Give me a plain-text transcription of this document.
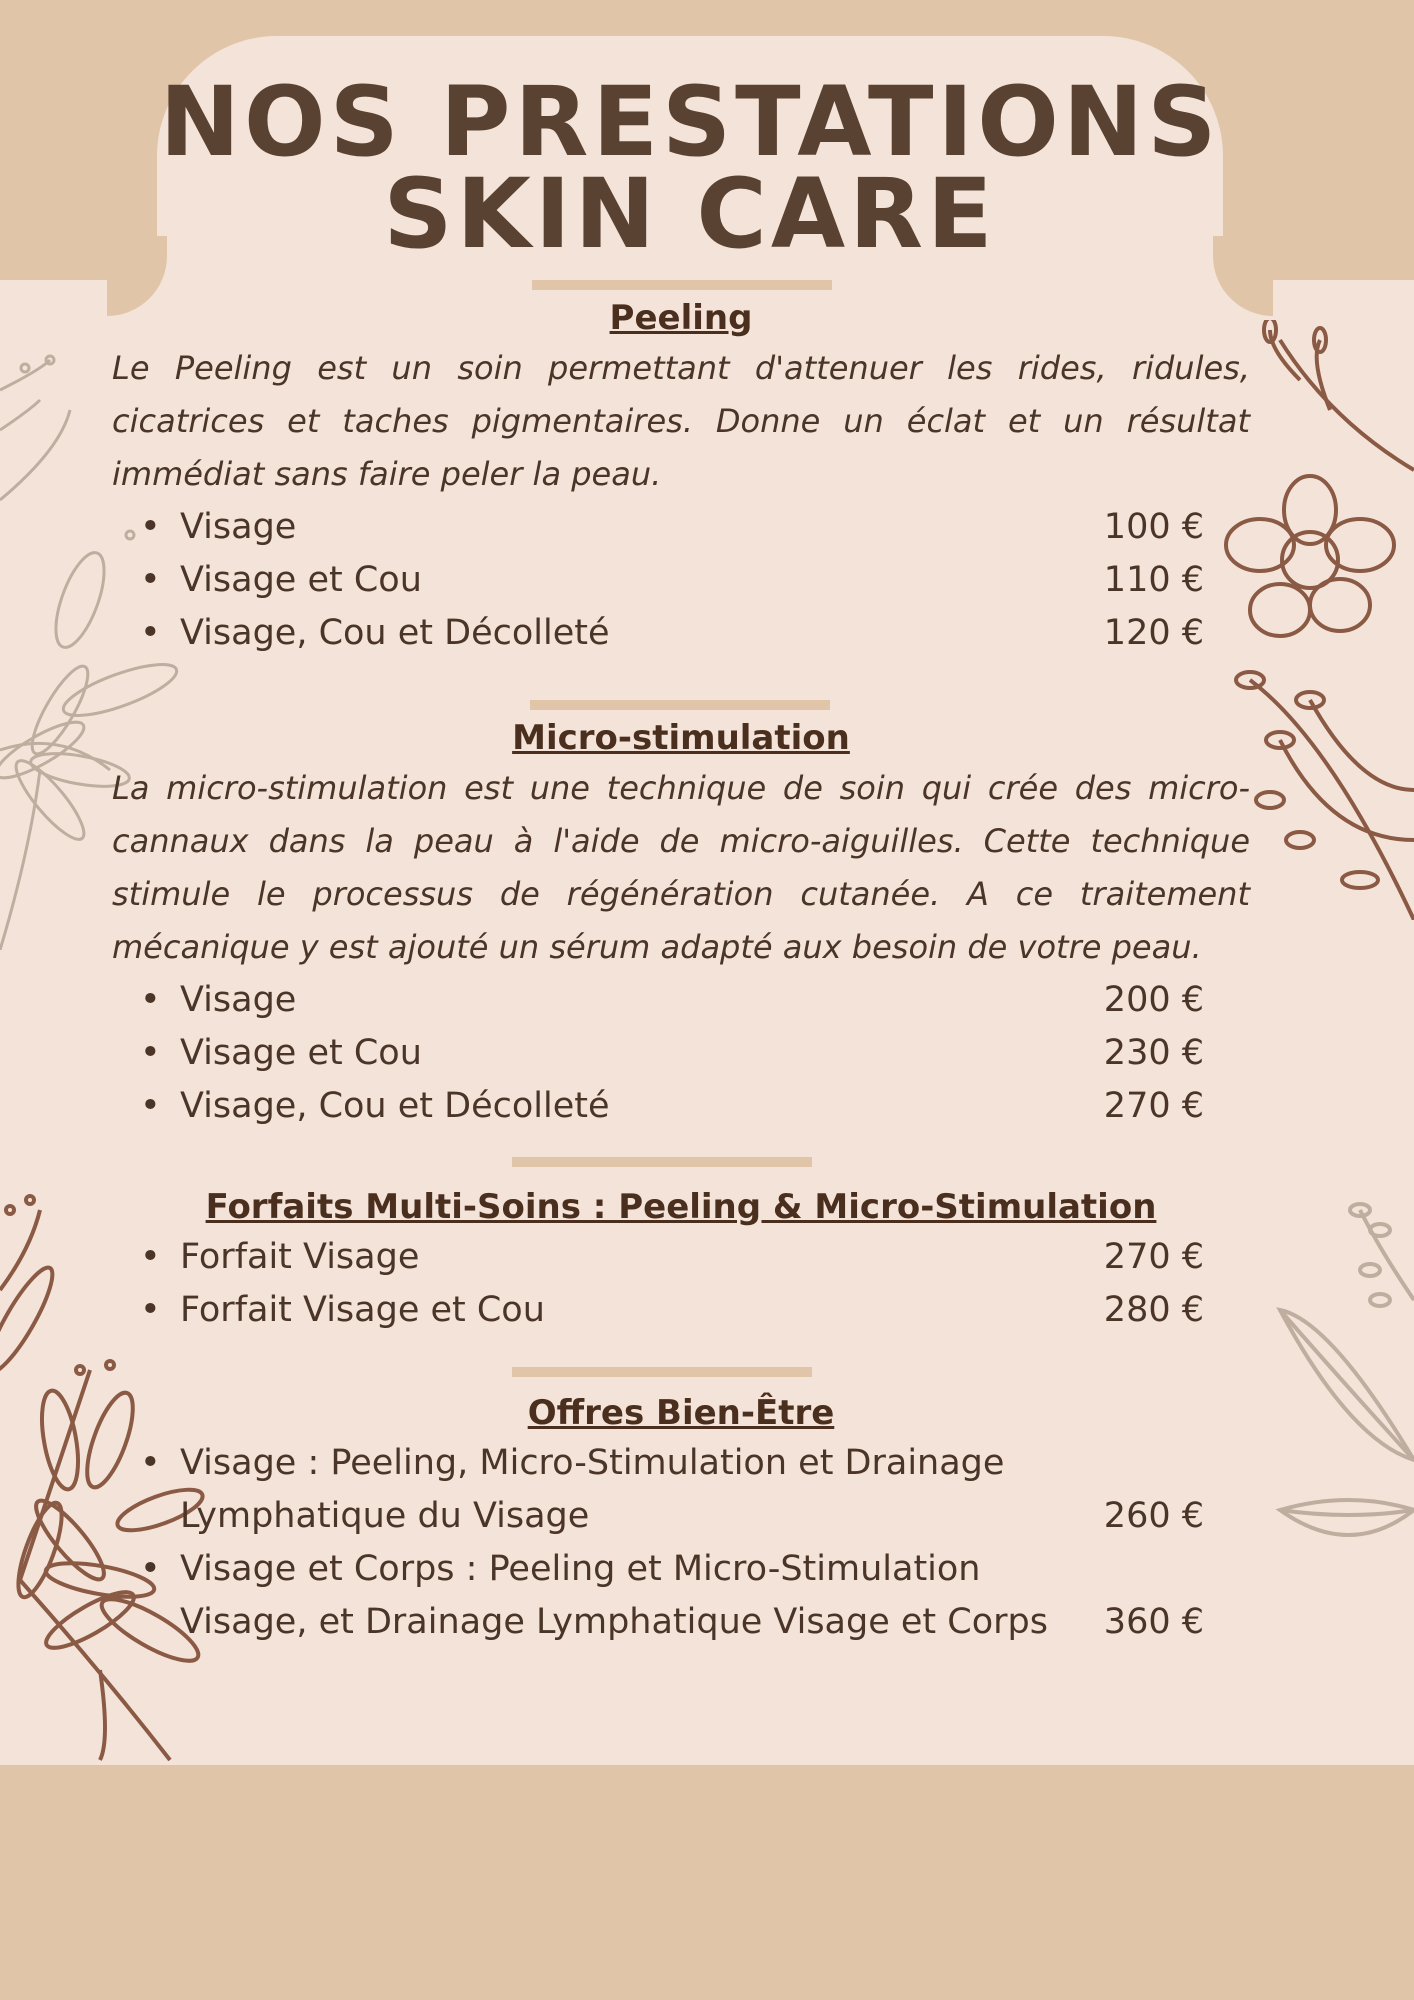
NOS PRESTATIONS
SKIN CARE
Peeling

Le Peeling est un soin permettant d'attenuer les rides, ridules, cicatrices et taches pigmentaires. Donne un éclat et un résultat immédiat sans faire peler la peau.

• Visage	100 €
• Visage et Cou	110 €
• Visage, Cou et Décolleté	120 €
Micro-stimulation

La micro-stimulation est une technique de soin qui crée des micro-cannaux dans la peau à l'aide de micro-aiguilles. Cette technique stimule le processus de régénération cutanée. A ce traitement mécanique y est ajouté un sérum adapté aux besoin de votre peau.

• Visage	200 €
• Visage et Cou	230 €
• Visage, Cou et Décolleté	270 €
Forfaits Multi-Soins : Peeling & Micro-Stimulation
• Forfait Visage	270 €
• Forfait Visage et Cou	280 €
Offres Bien-Être
• Visage : Peeling, Micro-Stimulation et Drainage Lymphatique du Visage	260 €
• Visage et Corps : Peeling et Micro-Stimulation Visage, et Drainage Lymphatique Visage et Corps 360 €
